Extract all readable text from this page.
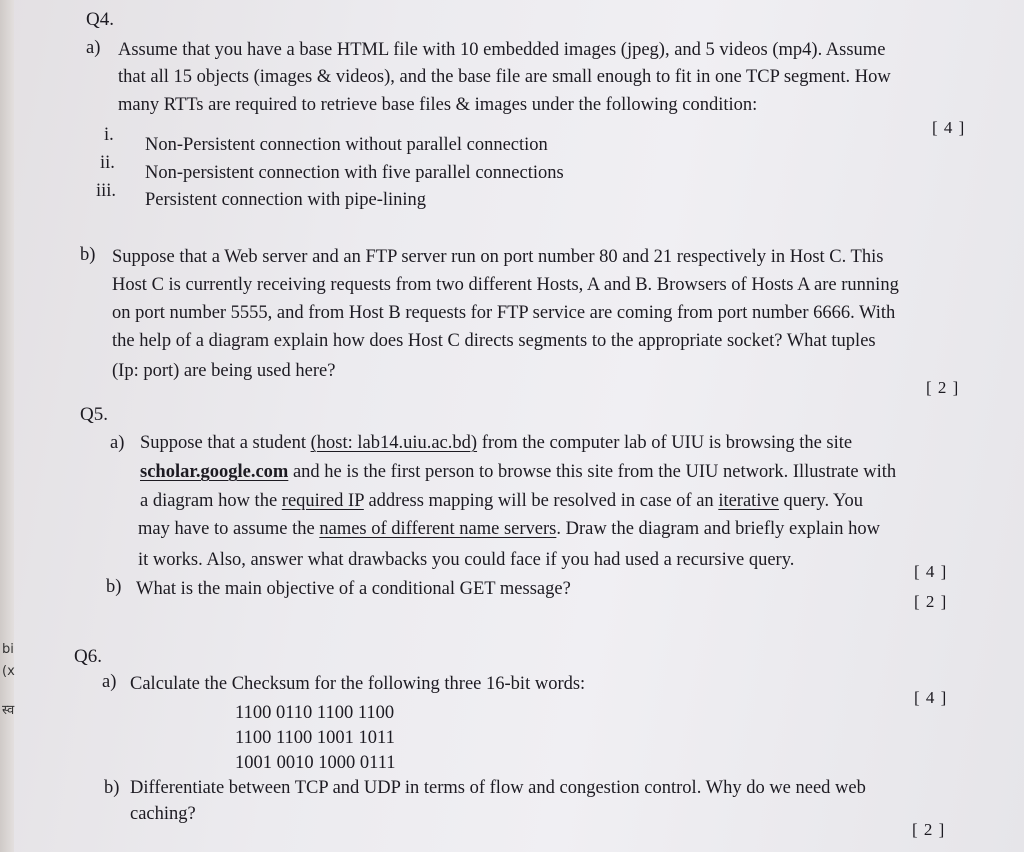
bi
(x
स्व
Q4.
a) Assume that you have a base HTML file with 10 embedded images (jpeg), and 5 videos (mp4). Assume
that all 15 objects (images & videos), and the base file are small enough to fit in one TCP segment. How
many RTTs are required to retrieve base files & images under the following condition:
[ 4 ]
i. Non-Persistent connection without parallel connection
ii. Non-persistent connection with five parallel connections
iii. Persistent connection with pipe-lining
b) Suppose that a Web server and an FTP server run on port number 80 and 21 respectively in Host C. This
Host C is currently receiving requests from two different Hosts, A and B. Browsers of Hosts A are running
on port number 5555, and from Host B requests for FTP service are coming from port number 6666. With
the help of a diagram explain how does Host C directs segments to the appropriate socket? What tuples
(Ip: port) are being used here?
[ 2 ]
Q5.
a) Suppose that a student (host: lab14.uiu.ac.bd) from the computer lab of UIU is browsing the site
scholar.google.com and he is the first person to browse this site from the UIU network. Illustrate with
a diagram how the required IP address mapping will be resolved in case of an iterative query. You
may have to assume the names of different name servers. Draw the diagram and briefly explain how
it works. Also, answer what drawbacks you could face if you had used a recursive query.
[ 4 ]
b) What is the main objective of a conditional GET message?
[ 2 ]
Q6.
a) Calculate the Checksum for the following three 16-bit words:
[ 4 ]
1100 0110 1100 1100
1100 1100 1001 1011
1001 0010 1000 0111
b) Differentiate between TCP and UDP in terms of flow and congestion control. Why do we need web
caching?
[ 2 ]
